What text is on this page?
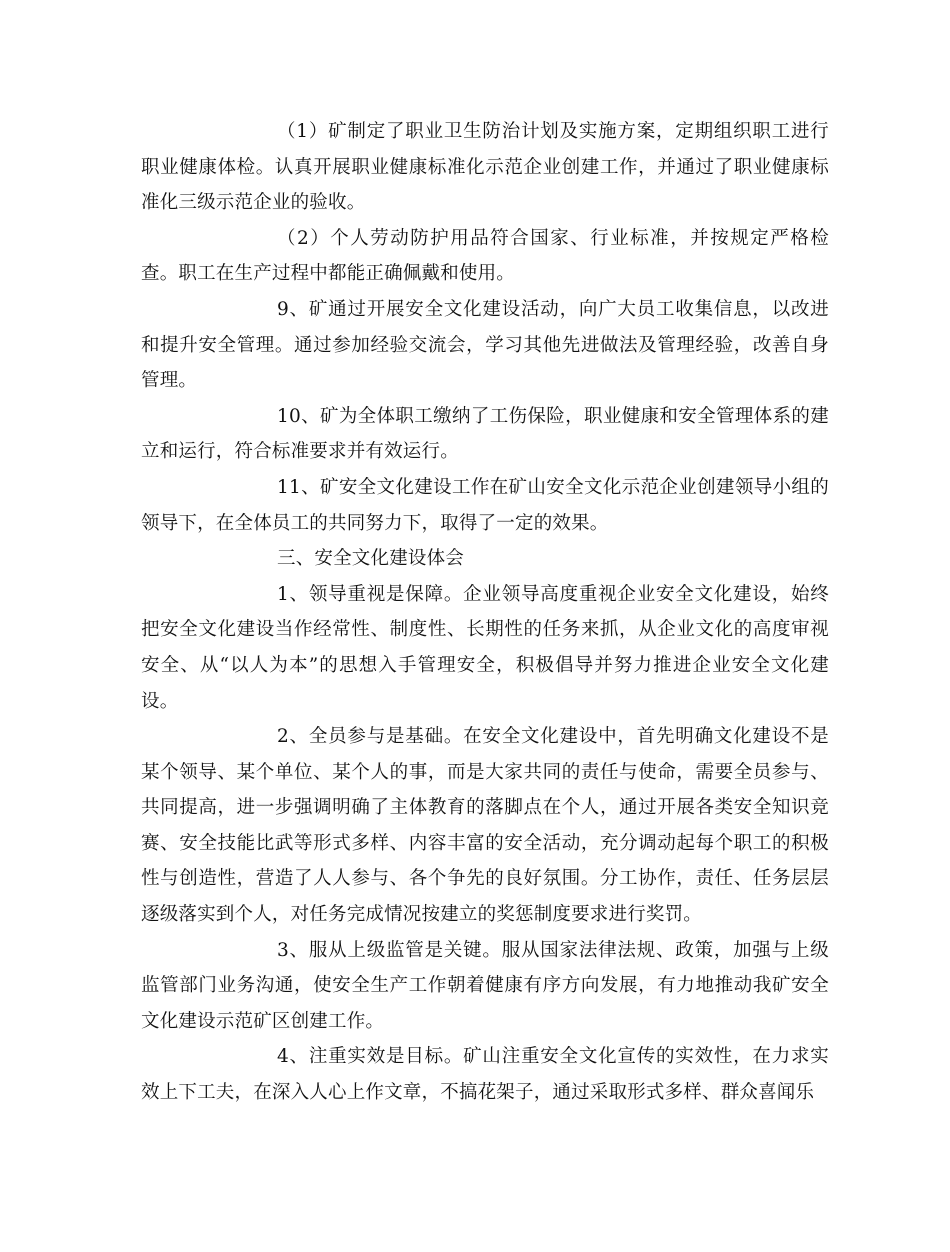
（1）矿制定了职业卫生防治计划及实施方案，定期组织职工进行职业健康体检。认真开展职业健康标准化示范企业创建工作，并通过了职业健康标准化三级示范企业的验收。

（2）个人劳动防护用品符合国家、行业标准，并按规定严格检查。职工在生产过程中都能正确佩戴和使用。

9、矿通过开展安全文化建设活动，向广大员工收集信息，以改进和提升安全管理。通过参加经验交流会，学习其他先进做法及管理经验，改善自身管理。

10、矿为全体职工缴纳了工伤保险，职业健康和安全管理体系的建立和运行，符合标准要求并有效运行。

11、矿安全文化建设工作在矿山安全文化示范企业创建领导小组的领导下，在全体员工的共同努力下，取得了一定的效果。

三、安全文化建设体会

1、领导重视是保障。企业领导高度重视企业安全文化建设，始终把安全文化建设当作经常性、制度性、长期性的任务来抓，从企业文化的高度审视安全、从“以人为本”的思想入手管理安全，积极倡导并努力推进企业安全文化建设。

2、全员参与是基础。在安全文化建设中，首先明确文化建设不是某个领导、某个单位、某个人的事，而是大家共同的责任与使命，需要全员参与、共同提高，进一步强调明确了主体教育的落脚点在个人，通过开展各类安全知识竞赛、安全技能比武等形式多样、内容丰富的安全活动，充分调动起每个职工的积极性与创造性，营造了人人参与、各个争先的良好氛围。分工协作，责任、任务层层逐级落实到个人，对任务完成情况按建立的奖惩制度要求进行奖罚。

3、服从上级监管是关键。服从国家法律法规、政策，加强与上级监管部门业务沟通，使安全生产工作朝着健康有序方向发展，有力地推动我矿安全文化建设示范矿区创建工作。

4、注重实效是目标。矿山注重安全文化宣传的实效性，在力求实效上下工夫，在深入人心上作文章，不搞花架子，通过采取形式多样、群众喜闻乐
